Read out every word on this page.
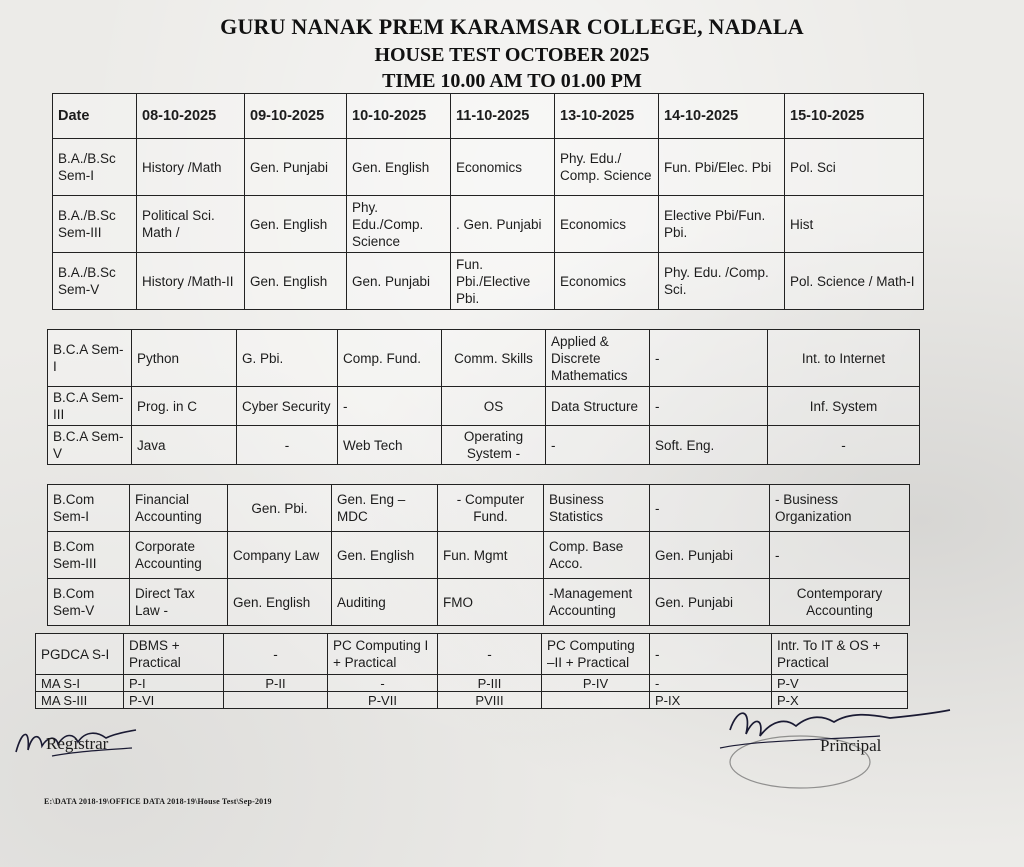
GURU NANAK PREM KARAMSAR COLLEGE, NADALA
HOUSE TEST OCTOBER 2025
TIME 10.00 AM TO 01.00 PM
Date	08-10-2025	09-10-2025	10-10-2025	11-10-2025	13-10-2025	14-10-2025	15-10-2025
B.A./B.Sc Sem-I	History /Math	Gen. Punjabi	Gen. English	Economics	Phy. Edu./ Comp. Science	Fun. Pbi/Elec. Pbi	Pol. Sci
B.A./B.Sc Sem-III	Political Sci. Math /	Gen. English	Phy. Edu./Comp. Science	. Gen. Punjabi	Economics	Elective Pbi/Fun. Pbi.	Hist
B.A./B.Sc Sem-V	History /Math-II	Gen. English	Gen. Punjabi	Fun. Pbi./Elective Pbi.	Economics	Phy. Edu. /Comp. Sci.	Pol. Science / Math-I
B.C.A Sem-I	Python	G. Pbi.	Comp. Fund.	Comm. Skills	Applied & Discrete Mathematics	-	Int. to Internet
B.C.A Sem-III	Prog. in C	Cyber Security	-	OS	Data Structure	-	Inf. System
B.C.A Sem-V	Java	-	Web Tech	Operating System -	-	Soft. Eng.	-
B.Com Sem-I	Financial Accounting	Gen. Pbi.	Gen. Eng – MDC	- Computer Fund.	Business Statistics	-	- Business Organization
B.Com Sem-III	Corporate Accounting	Company Law	Gen. English	Fun. Mgmt	Comp. Base Acco.	Gen. Punjabi	-
B.Com Sem-V	Direct Tax Law -	Gen. English	Auditing	FMO	-Management Accounting	Gen. Punjabi	Contemporary Accounting
PGDCA S-I	DBMS + Practical	-	PC Computing I + Practical	-	PC Computing –II + Practical	-	Intr. To IT & OS + Practical
MA S-I	P-I	P-II	-	P-III	P-IV	-	P-V
MA S-III	P-VI		P-VII	PVIII		P-IX	P-X
Registrar	Principal
E:\DATA 2018-19\OFFICE DATA 2018-19\House Test\Sep-2019
